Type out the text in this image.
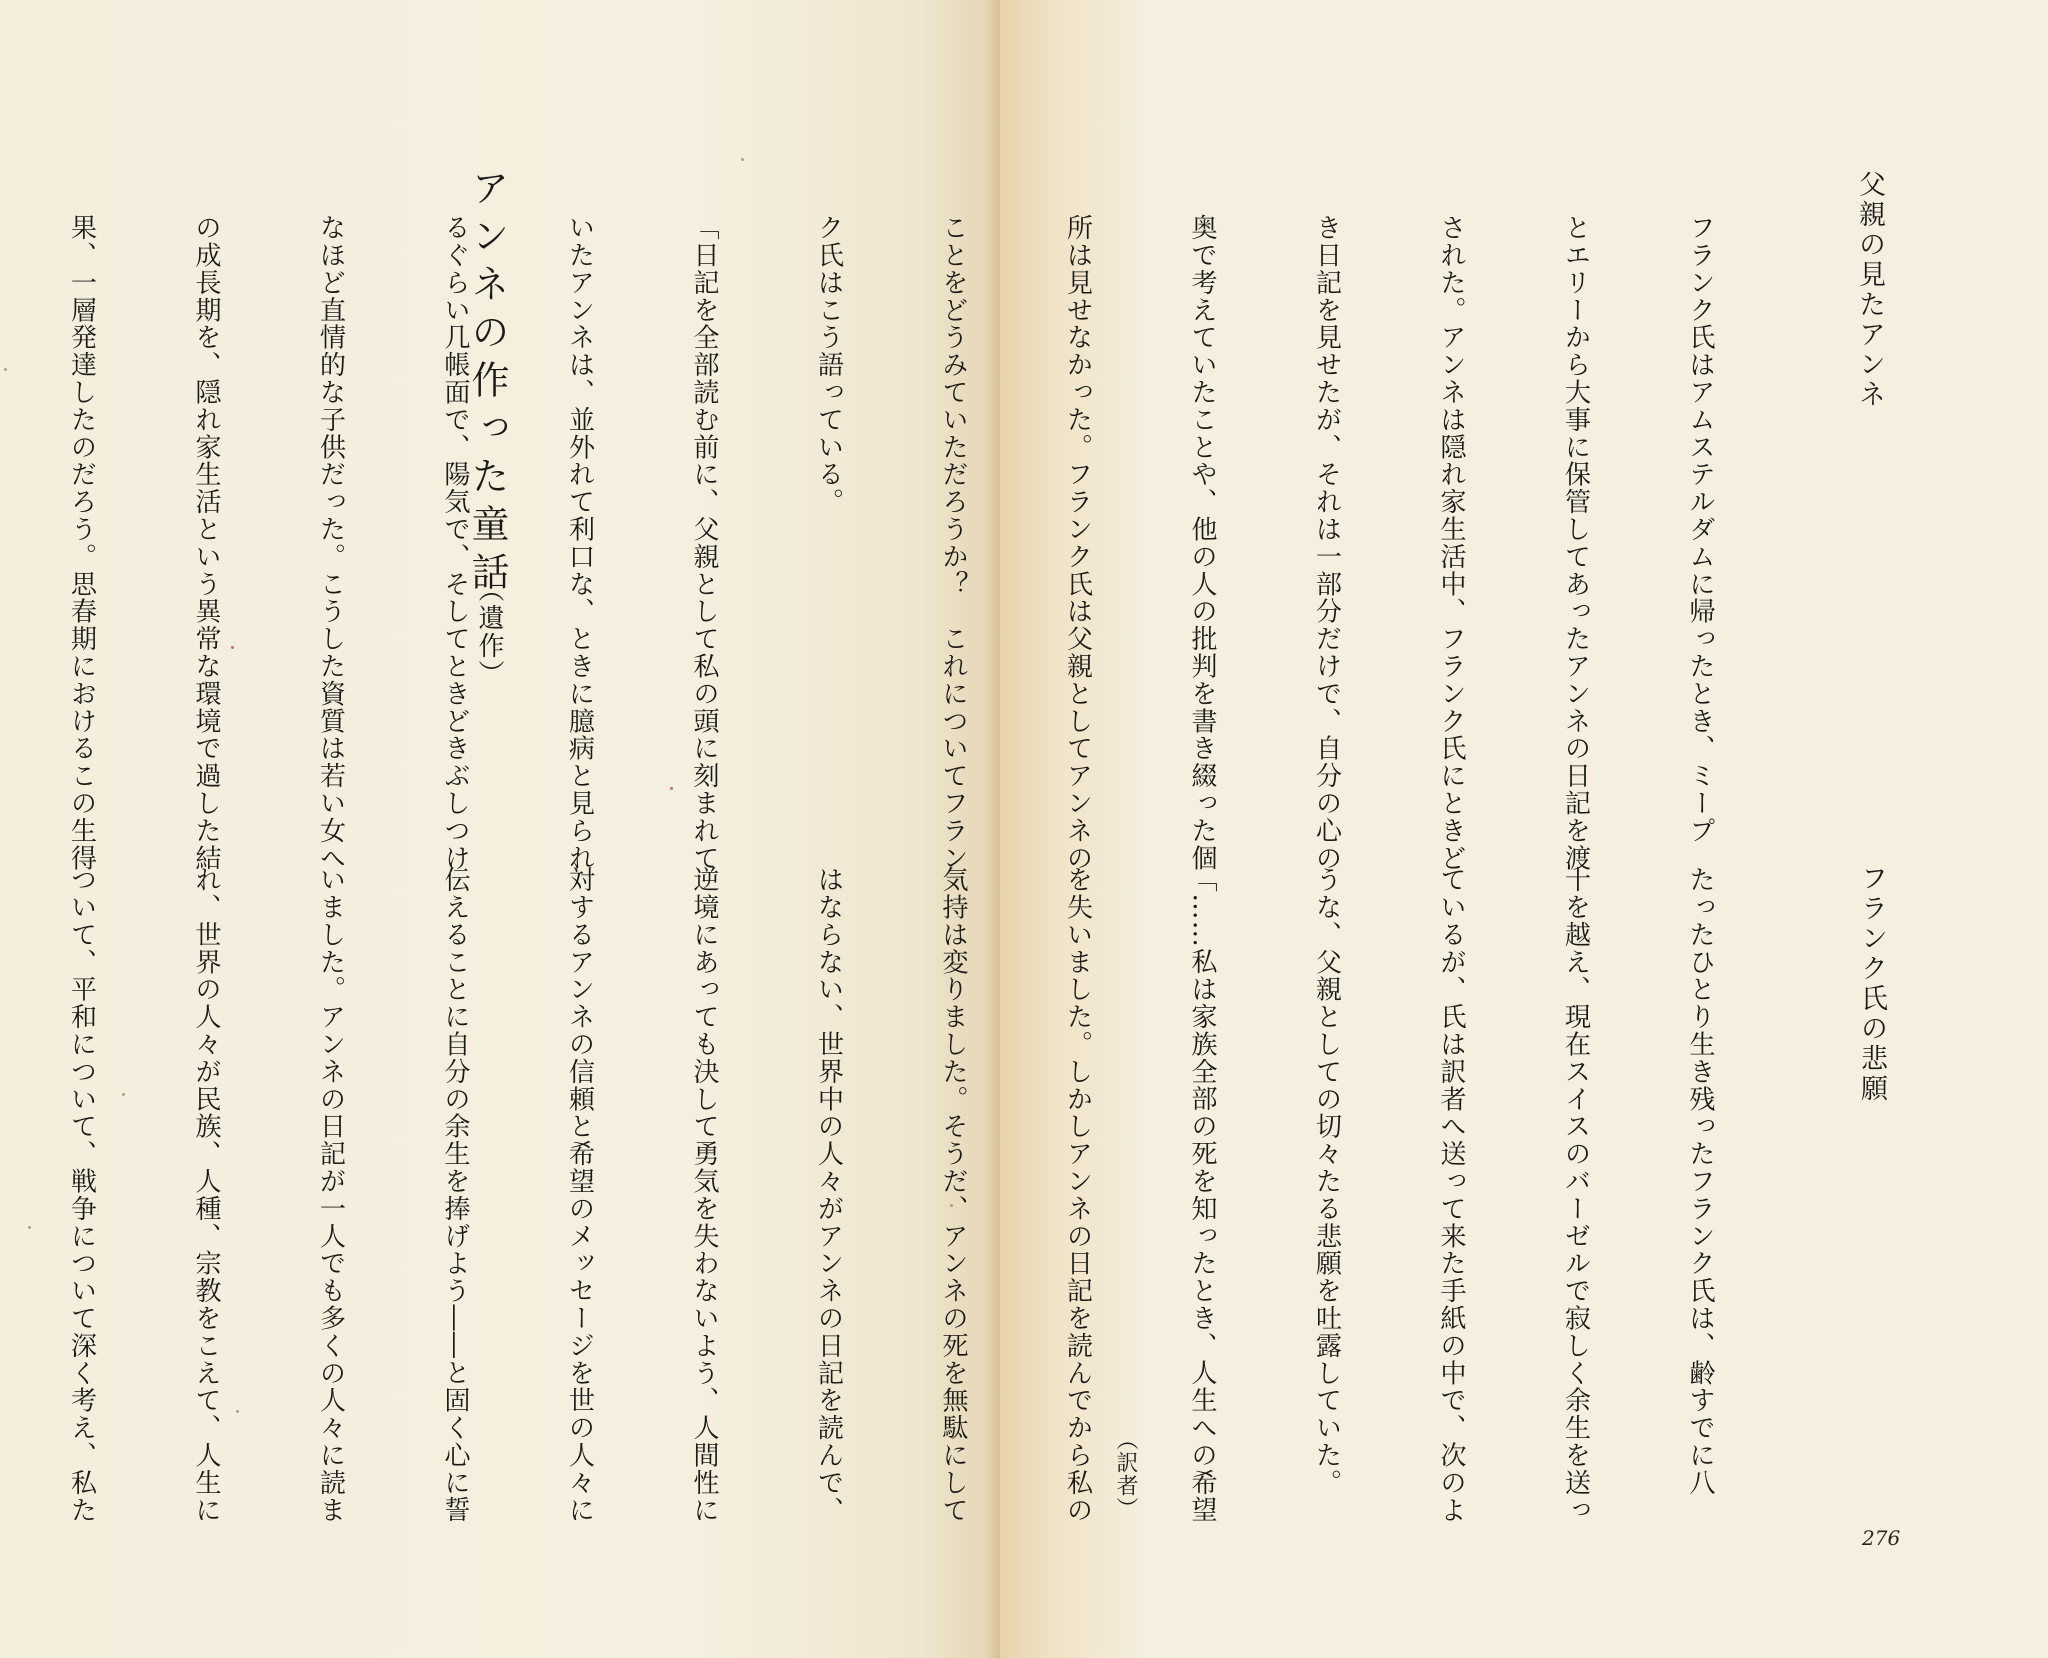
アンネの作った童話
（遺作）
父親の見たアンネ

フランク氏はアムステルダムに帰ったとき、ミープ

とエリーから大事に保管してあったアンネの日記を渡

された。アンネは隠れ家生活中、フランク氏にときど

き日記を見せたが、それは一部分だけで、自分の心の

奥で考えていたことや、他の人の批判を書き綴った個

所は見せなかった。フランク氏は父親としてアンネの

ことをどうみていただろうか？　これについてフラン

ク氏はこう語っている。

「日記を全部読む前に、父親として私の頭に刻まれて

いたアンネは、並外れて利口な、ときに臆病と見られ

るぐらい几帳面で、陽気で、そしてときどきぶしつけ

なほど直情的な子供だった。こうした資質は若い女へ

の成長期を、隠れ家生活という異常な環境で過した結

果、一層発達したのだろう。思春期におけるこの生得

フランク氏の悲願

たったひとり生き残ったフランク氏は、齢すでに八

十を越え、現在スイスのバーゼルで寂しく余生を送っ

ているが、氏は訳者へ送って来た手紙の中で、次のよ

うな、父親としての切々たる悲願を吐露していた。

「……私は家族全部の死を知ったとき、人生への希望

を失いました。しかしアンネの日記を読んでから私の

気持は変りました。そうだ、アンネの死を無駄にして

はならない、世界中の人々がアンネの日記を読んで、

逆境にあっても決して勇気を失わないよう、人間性に

対するアンネの信頼と希望のメッセージを世の人々に

伝えることに自分の余生を捧げよう――と固く心に誓

いました。アンネの日記が一人でも多くの人々に読ま

れ、世界の人々が民族、人種、宗教をこえて、人生に

ついて、平和について、戦争について深く考え、私た

	（訳者）
276
